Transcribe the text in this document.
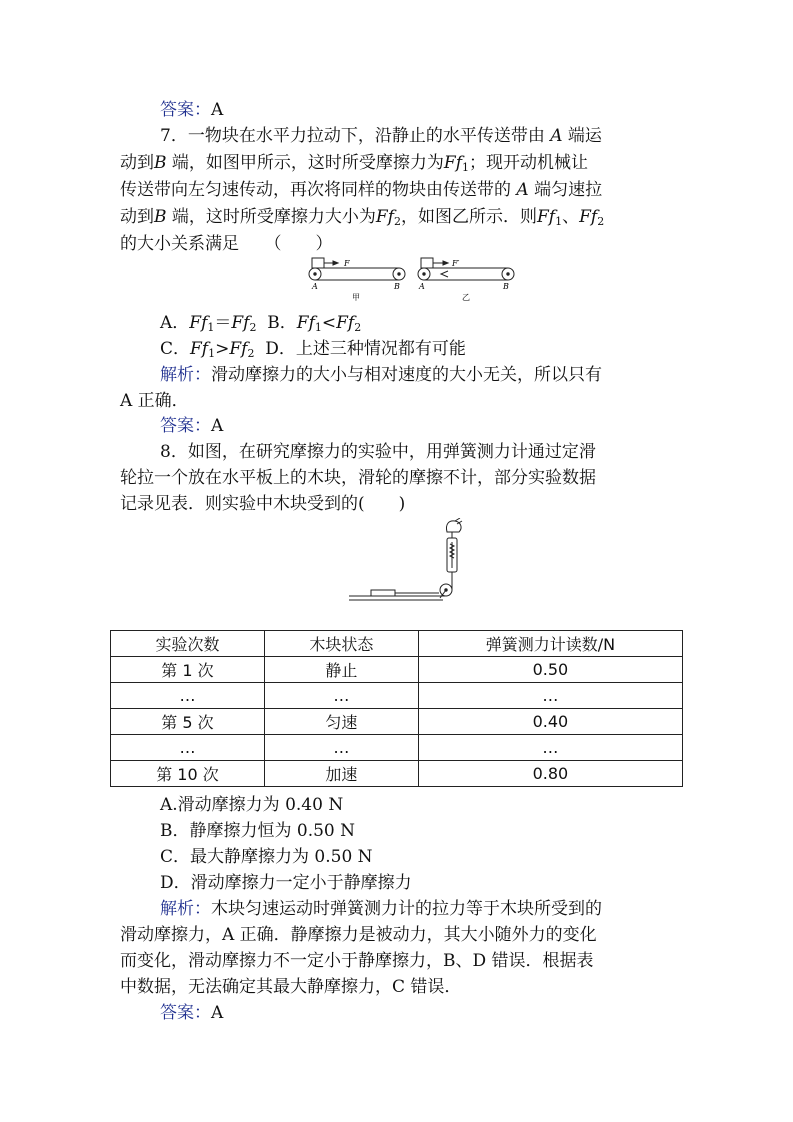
答案：A
7．一物块在水平力拉动下，沿静止的水平传送带由 A 端运
动到B 端，如图甲所示，这时所受摩擦力为$Ff_1$；现开动机械让
传送带向左匀速传动，再次将同样的物块由传送带的 A 端匀速拉
动到B 端，这时所受摩擦力大小为$Ff_2$，如图乙所示．则$Ff_1$、$Ff_2$
的大小关系满足　　（　　）
F
A	B
甲
F′
A	B
乙
A．$Ff_1=Ff_2$ B．$Ff_1<Ff_2$
C．$Ff_1>Ff_2$ D．上述三种情况都有可能
解析：滑动摩擦力的大小与相对速度的大小无关，所以只有
A 正确．
答案：A
8．如图，在研究摩擦力的实验中，用弹簧测力计通过定滑
轮拉一个放在水平板上的木块，滑轮的摩擦不计，部分实验数据
记录见表．则实验中木块受到的(　　)
实验次数	木块状态	弹簧测力计读数/N
第 1 次	静止	0.50
…	…	…
第 5 次	匀速	0.40
…	…	…
第 10 次	加速	0.80
A.滑动摩擦力为 0.40 N
B．静摩擦力恒为 0.50 N
C．最大静摩擦力为 0.50 N
D．滑动摩擦力一定小于静摩擦力
解析：木块匀速运动时弹簧测力计的拉力等于木块所受到的
滑动摩擦力，A 正确．静摩擦力是被动力，其大小随外力的变化
而变化，滑动摩擦力不一定小于静摩擦力，B、D 错误．根据表
中数据，无法确定其最大静摩擦力，C 错误．
答案：A
